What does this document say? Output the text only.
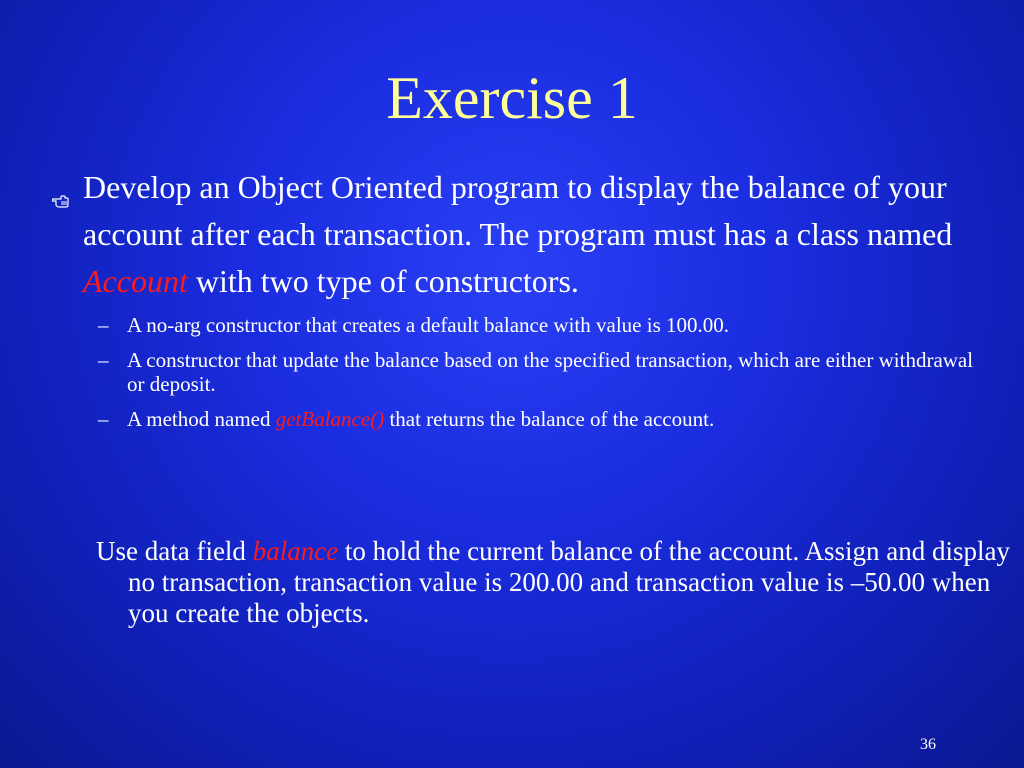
Exercise 1
Develop an Object Oriented program to display the balance of your account after each transaction. The program must has a class named Account with two type of constructors.
– A no-arg constructor that creates a default balance with value is 100.00.
– A constructor that update the balance based on the specified transaction, which are either withdrawal or deposit.
– A method named getBalance() that returns the balance of the account.
Use data field balance to hold the current balance of the account. Assign and display no transaction, transaction value is 200.00 and transaction value is –50.00 when you create the objects.
36
